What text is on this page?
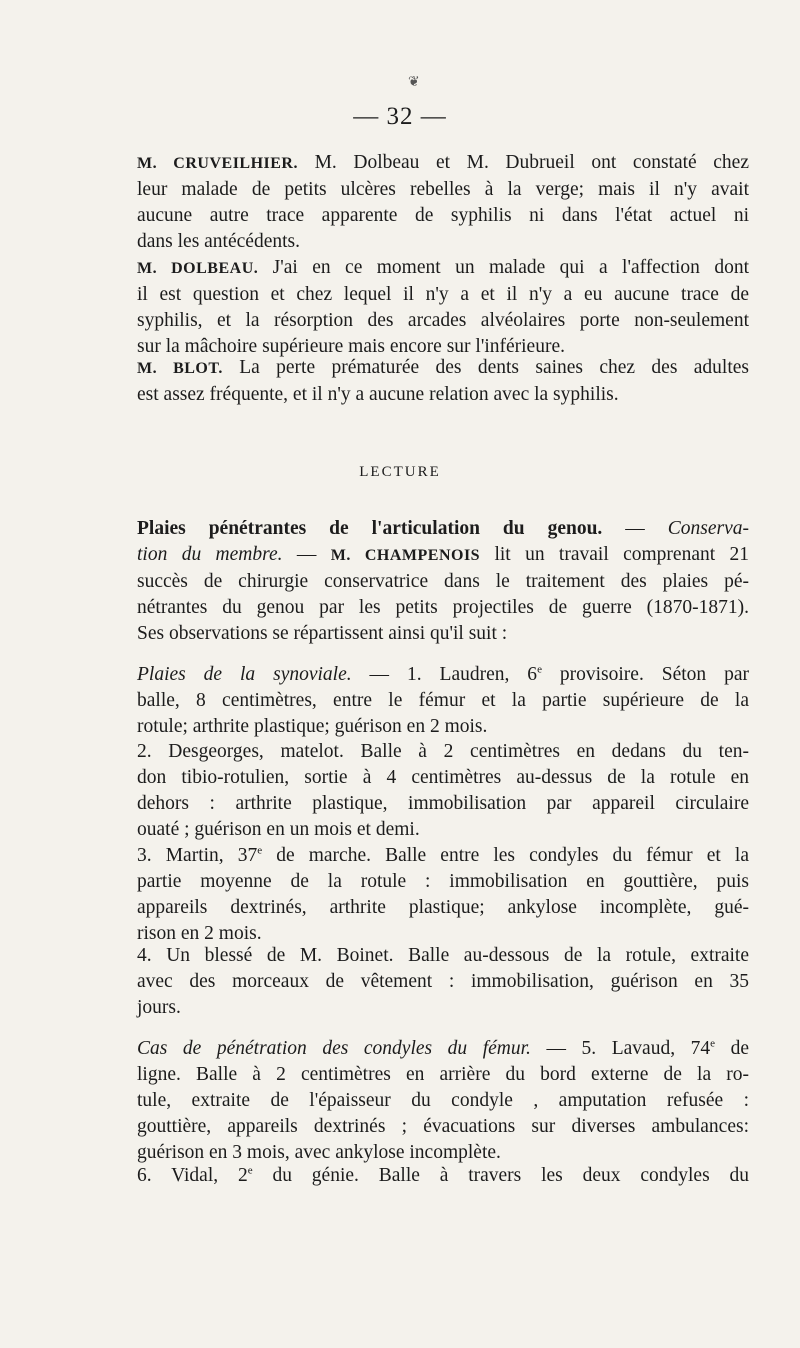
❦
— 32 —
M. CRUVEILHIER. M. Dolbeau et M. Dubrueil ont constaté chez
leur malade de petits ulcères rebelles à la verge; mais il n'y avait
aucune autre trace apparente de syphilis ni dans l'état actuel ni
dans les antécédents.
M. DOLBEAU. J'ai en ce moment un malade qui a l'affection dont
il est question et chez lequel il n'y a et il n'y a eu aucune trace de
syphilis, et la résorption des arcades alvéolaires porte non-seulement
sur la mâchoire supérieure mais encore sur l'inférieure.
M. BLOT. La perte prématurée des dents saines chez des adultes
est assez fréquente, et il n'y a aucune relation avec la syphilis.
LECTURE
Plaies pénétrantes de l'articulation du genou. — Conserva-
tion du membre. — M. CHAMPENOIS lit un travail comprenant 21
succès de chirurgie conservatrice dans le traitement des plaies pé-
nétrantes du genou par les petits projectiles de guerre (1870-1871).
Ses observations se répartissent ainsi qu'il suit :
Plaies de la synoviale. — 1. Laudren, 6e provisoire. Séton par
balle, 8 centimètres, entre le fémur et la partie supérieure de la
rotule; arthrite plastique; guérison en 2 mois.
2. Desgeorges, matelot. Balle à 2 centimètres en dedans du ten-
don tibio-rotulien, sortie à 4 centimètres au-dessus de la rotule en
dehors : arthrite plastique, immobilisation par appareil circulaire
ouaté ; guérison en un mois et demi.
3. Martin, 37e de marche. Balle entre les condyles du fémur et la
partie moyenne de la rotule : immobilisation en gouttière, puis
appareils dextrinés, arthrite plastique; ankylose incomplète, gué-
rison en 2 mois.
4. Un blessé de M. Boinet. Balle au-dessous de la rotule, extraite
avec des morceaux de vêtement : immobilisation, guérison en 35
jours.
Cas de pénétration des condyles du fémur. — 5. Lavaud, 74e de
ligne. Balle à 2 centimètres en arrière du bord externe de la ro-
tule, extraite de l'épaisseur du condyle , amputation refusée :
gouttière, appareils dextrinés ; évacuations sur diverses ambulances:
guérison en 3 mois, avec ankylose incomplète.
6. Vidal, 2e du génie. Balle à travers les deux condyles du
